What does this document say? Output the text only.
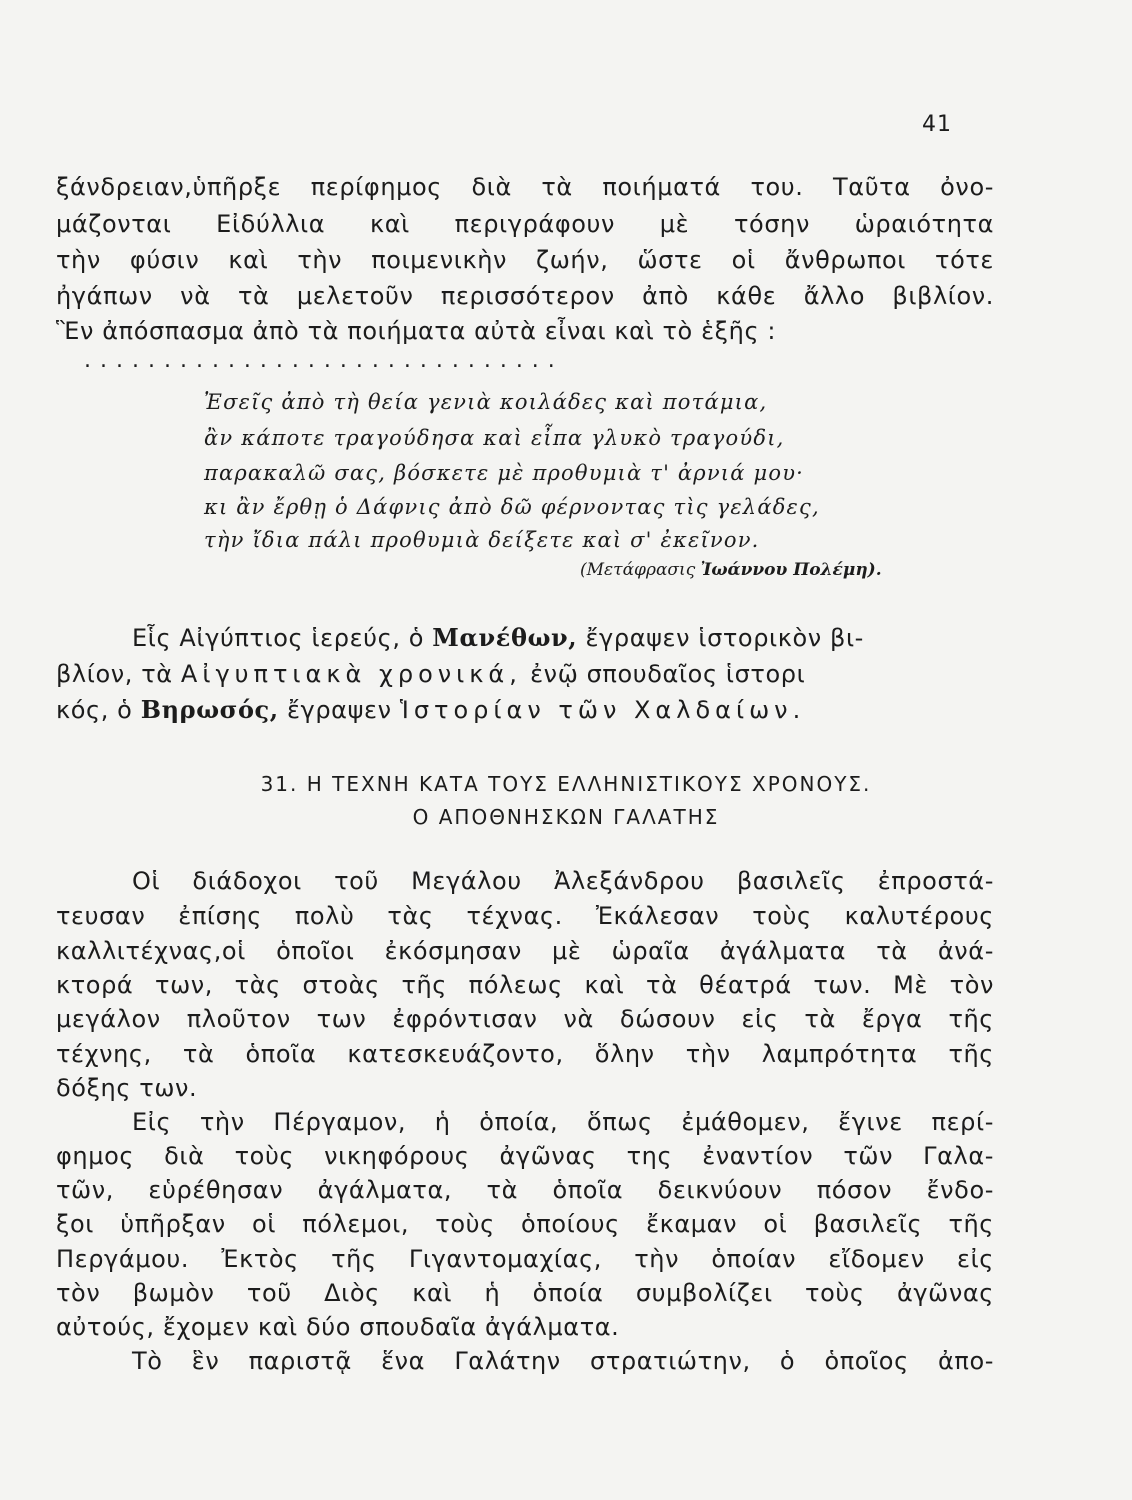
41
ξάνδρειαν,ὑπῆρξε περίφημος διὰ τὰ ποιήματά του. Ταῦτα ὀνο-
μάζονται Εἰδύλλια καὶ περιγράφουν μὲ τόσην ὡραιότητα
τὴν φύσιν καὶ τὴν ποιμενικὴν ζωήν, ὥστε οἱ ἄνθρωποι τότε
ἠγάπων νὰ τὰ μελετοῦν περισσότερον ἀπὸ κάθε ἄλλο βιβλίον.
Ἓν ἀπόσπασμα ἀπὸ τὰ ποιήματα αὐτὰ εἶναι καὶ τὸ ἑξῆς :
..............................
Ἐσεῖς ἀπὸ τὴ θεία γενιὰ κοιλάδες καὶ ποτάμια,
ἂν κάποτε τραγούδησα καὶ εἶπα γλυκὸ τραγούδι,
παρακαλῶ σας, βόσκετε μὲ προθυμιὰ τ' ἀρνιά μου·
κι ἂν ἔρθῃ ὁ Δάφνις ἀπὸ δῶ φέρνοντας τὶς γελάδες,
τὴν ἴδια πάλι προθυμιὰ δείξετε καὶ σ' ἐκεῖνον.
(Μετάφρασις Ἰωάννου Πολέμη).
Εἷς Αἰγύπτιος ἱερεύς, ὁ Μανέθων, ἔγραψεν ἱστορικὸν βι-
βλίον, τὰ Αἰγυπτιακὰ χρονικά, ἐνῷ σπουδαῖος ἱστορι
κός, ὁ Βηρωσός, ἔγραψεν Ἱστορίαν τῶν Χαλδαίων.
31. Η ΤΕΧΝΗ ΚΑΤΑ ΤΟΥΣ ΕΛΛΗΝΙΣΤΙΚΟΥΣ ΧΡΟΝΟΥΣ.
Ο ΑΠΟΘΝΗΣΚΩΝ ΓΑΛΑΤΗΣ
Οἱ διάδοχοι τοῦ Μεγάλου Ἀλεξάνδρου βασιλεῖς ἐπροστά-
τευσαν ἐπίσης πολὺ τὰς τέχνας. Ἐκάλεσαν τοὺς καλυτέρους
καλλιτέχνας,οἱ ὁποῖοι ἐκόσμησαν μὲ ὡραῖα ἀγάλματα τὰ ἀνά-
κτορά των, τὰς στοὰς τῆς πόλεως καὶ τὰ θέατρά των. Μὲ τὸν
μεγάλον πλοῦτον των ἐφρόντισαν νὰ δώσουν εἰς τὰ ἔργα τῆς
τέχνης, τὰ ὁποῖα κατεσκευάζοντο, ὅλην τὴν λαμπρότητα τῆς
δόξης των.
Εἰς τὴν Πέργαμον, ἡ ὁποία, ὅπως ἐμάθομεν, ἔγινε περί-
φημος διὰ τοὺς νικηφόρους ἀγῶνας της ἐναντίον τῶν Γαλα-
τῶν, εὑρέθησαν ἀγάλματα, τὰ ὁποῖα δεικνύουν πόσον ἔνδο-
ξοι ὑπῆρξαν οἱ πόλεμοι, τοὺς ὁποίους ἔκαμαν οἱ βασιλεῖς τῆς
Περγάμου. Ἐκτὸς τῆς Γιγαντομαχίας, τὴν ὁποίαν εἴδομεν εἰς
τὸν βωμὸν τοῦ Διὸς καὶ ἡ ὁποία συμβολίζει τοὺς ἀγῶνας
αὐτούς, ἔχομεν καὶ δύο σπουδαῖα ἀγάλματα.
Τὸ ἓν παριστᾷ ἕνα Γαλάτην στρατιώτην, ὁ ὁποῖος ἀπο-
